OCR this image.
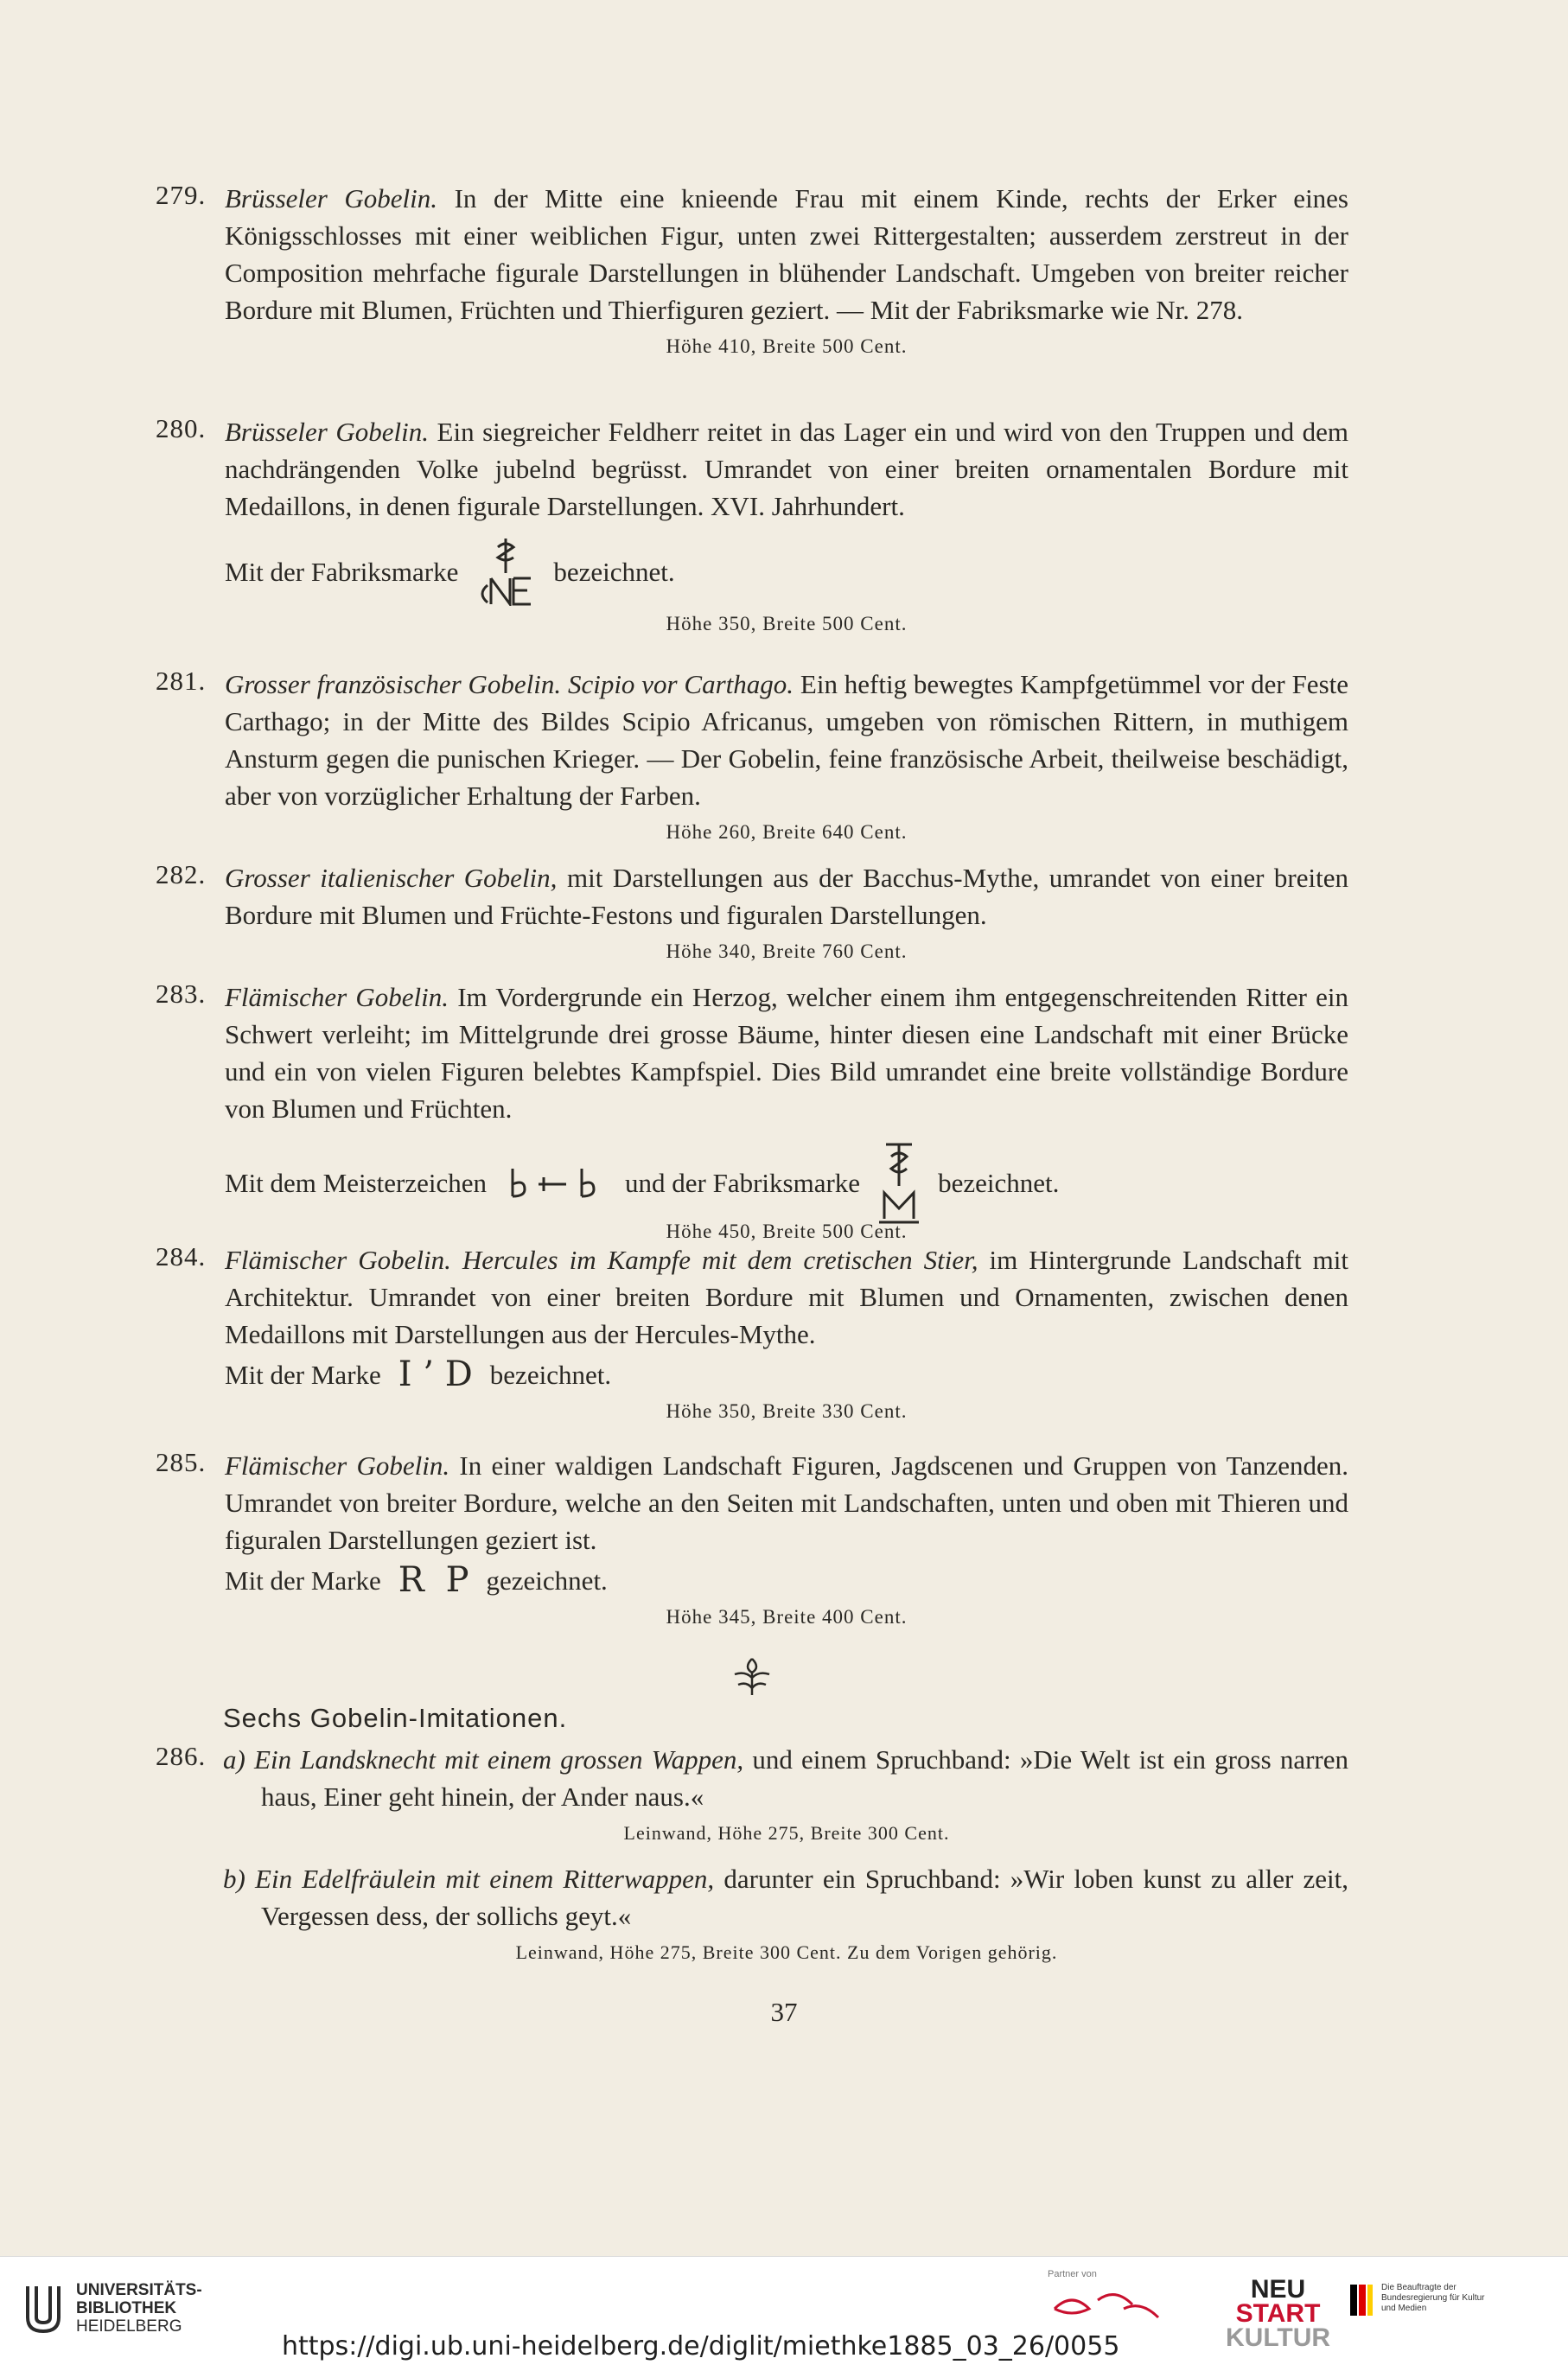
279. Brüsseler Gobelin. In der Mitte eine knieende Frau mit einem Kinde, rechts der Erker eines Königsschlosses mit einer weiblichen Figur, unten zwei Rittergestalten; ausserdem zerstreut in der Composition mehrfache figurale Darstellungen in blühender Landschaft. Umgeben von breiter reicher Bordure mit Blumen, Früchten und Thierfiguren geziert. — Mit der Fabriksmarke wie Nr. 278.
Höhe 410, Breite 500 Cent.
280. Brüsseler Gobelin. Ein siegreicher Feldherr reitet in das Lager ein und wird von den Truppen und dem nachdrängenden Volke jubelnd begrüsst. Umrandet von einer breiten ornamentalen Bordure mit Medaillons, in denen figurale Darstellungen. XVI. Jahrhundert.
Mit der Fabriksmarke	bezeichnet.
Höhe 350, Breite 500 Cent.
281. Grosser französischer Gobelin. Scipio vor Carthago. Ein heftig bewegtes Kampfgetümmel vor der Feste Carthago; in der Mitte des Bildes Scipio Africanus, umgeben von römischen Rittern, in muthigem Ansturm gegen die punischen Krieger. — Der Gobelin, feine französische Arbeit, theilweise beschädigt, aber von vorzüglicher Erhaltung der Farben.
Höhe 260, Breite 640 Cent.
282. Grosser italienischer Gobelin, mit Darstellungen aus der Bacchus-Mythe, umrandet von einer breiten Bordure mit Blumen und Früchte-Festons und figuralen Darstellungen.
Höhe 340, Breite 760 Cent.
283. Flämischer Gobelin. Im Vordergrunde ein Herzog, welcher einem ihm entgegenschreitenden Ritter ein Schwert verleiht; im Mittelgrunde drei grosse Bäume, hinter diesen eine Landschaft mit einer Brücke und ein von vielen Figuren belebtes Kampfspiel. Dies Bild umrandet eine breite vollständige Bordure von Blumen und Früchten.
Mit dem Meisterzeichen	und der Fabriksmarke	bezeichnet.
Höhe 450, Breite 500 Cent.
284. Flämischer Gobelin. Hercules im Kampfe mit dem cretischen Stier, im Hintergrunde Landschaft mit Architektur. Umrandet von einer breiten Bordure mit Blumen und Ornamenten, zwischen denen Medaillons mit Darstellungen aus der Hercules-Mythe.
Mit der Marke I ’ D bezeichnet.
Höhe 350, Breite 330 Cent.
285. Flämischer Gobelin. In einer waldigen Landschaft Figuren, Jagdscenen und Gruppen von Tanzenden. Umrandet von breiter Bordure, welche an den Seiten mit Landschaften, unten und oben mit Thieren und figuralen Darstellungen geziert ist.
Mit der Marke R P gezeichnet.
Höhe 345, Breite 400 Cent.
Sechs Gobelin-Imitationen.
286. a) Ein Landsknecht mit einem grossen Wappen, und einem Spruchband: »Die Welt ist ein gross narren haus, Einer geht hinein, der Ander naus.«
Leinwand, Höhe 275, Breite 300 Cent.
b) Ein Edelfräulein mit einem Ritterwappen, darunter ein Spruchband: »Wir loben kunst zu aller zeit, Vergessen dess, der sollichs geyt.«
Leinwand, Höhe 275, Breite 300 Cent. Zu dem Vorigen gehörig.
37
UNIVERSITÄTS-
BIBLIOTHEK
HEIDELBERG
https://digi.ub.uni-heidelberg.de/diglit/miethke1885_03_26/0055
Partner von
NEU
START
KULTUR
Die Beauftragte der Bundesregierung für Kultur und Medien
